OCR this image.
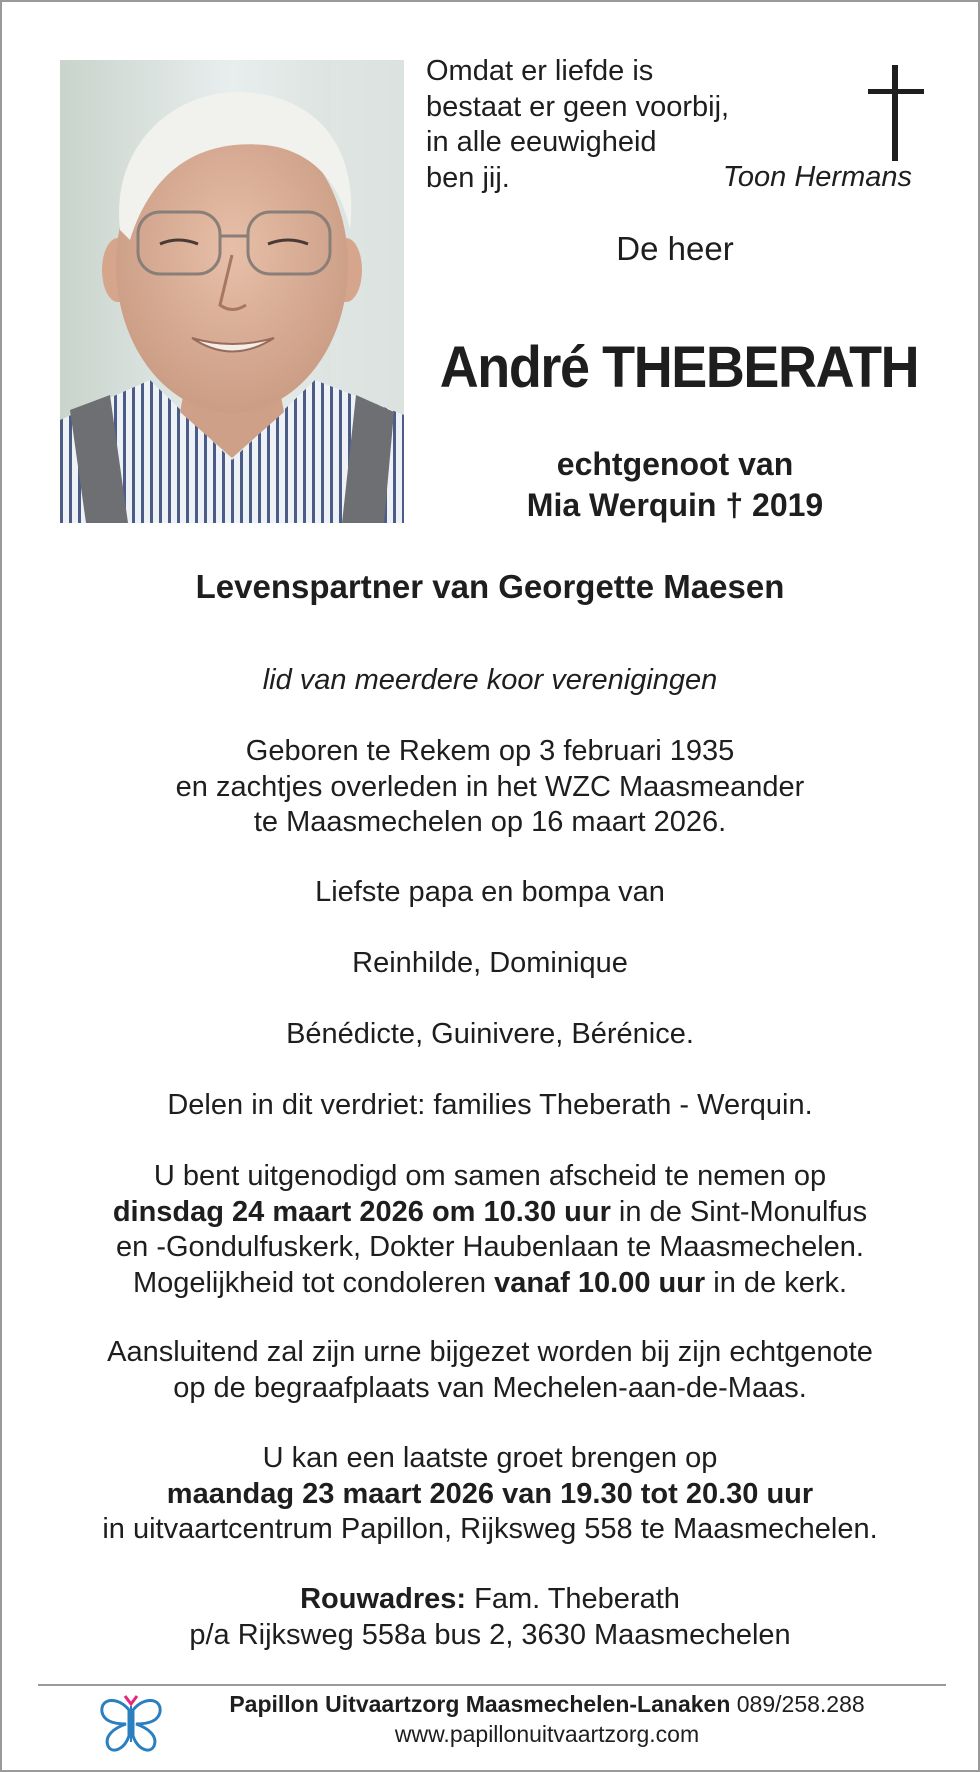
Omdat er liefde is
bestaat er geen voorbij,
in alle eeuwigheid
ben jij.	Toon Hermans
De heer
André THEBERATH
echtgenoot van
Mia Werquin † 2019
Levenspartner van Georgette Maesen
lid van meerdere koor verenigingen
Geboren te Rekem op 3 februari 1935
en zachtjes overleden in het WZC Maasmeander
te Maasmechelen op 16 maart 2026.
Liefste papa en bompa van
Reinhilde, Dominique
Bénédicte, Guinivere, Bérénice.
Delen in dit verdriet: families Theberath - Werquin.
U bent uitgenodigd om samen afscheid te nemen op
dinsdag 24 maart 2026 om 10.30 uur in de Sint-Monulfus
en -Gondulfuskerk, Dokter Haubenlaan te Maasmechelen.
Mogelijkheid tot condoleren vanaf 10.00 uur in de kerk.
Aansluitend zal zijn urne bijgezet worden bij zijn echtgenote
op de begraafplaats van Mechelen-aan-de-Maas.
U kan een laatste groet brengen op
maandag 23 maart 2026 van 19.30 tot 20.30 uur
in uitvaartcentrum Papillon, Rijksweg 558 te Maasmechelen.
Rouwadres: Fam. Theberath
p/a Rijksweg 558a bus 2, 3630 Maasmechelen
Papillon Uitvaartzorg Maasmechelen-Lanaken 089/258.288
www.papillonuitvaartzorg.com
